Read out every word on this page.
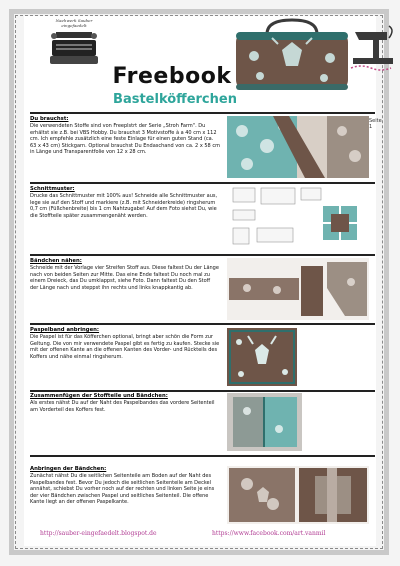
Naehwerk Sauber eingefaedelt
Freebook
Bastelköfferchen
Seite 1
Du brauchst:
Die verwendeten Stoffe sind von Freeplstrt der Serie „Stroh Farm". Du erhältst sie z.B. bei VBS Hobby. Du brauchst 3 Motivstoffe à a 40 cm x 112 cm. Ich empfehle zusätzlich eine feste Einlage für einen guten Stand (ca. 63 x 43 cm) Stickgarn. Optional brauchst Du Endaschand von ca. 2 x 58 cm in Länge und Transparentfolie von 12 x 28 cm.
Schnittmuster:
Drucke das Schnittmuster mit 100% aus! Schneide alle Schnittmuster aus, lege sie auf den Stoff und markiere (z.B. mit Schneiderkreide) ringsherum 0,7 cm (Füßchenbreite) bis 1 cm Nahtzugabe! Auf dem Foto siehst Du, wie die Stoffteile später zusammengenäht werden.
Bändchen nähen:
Schneide mit der Vorlage vier Streifen Stoff aus. Diese faltest Du der Länge nach von beiden Seiten zur Mitte. Das eine Ende faltest Du noch mal zu einem Dreieck, das Du umklappst, siehe Foto. Dann faltest Du den Stoff der Länge nach und steppst ihn rechts und links knappkantig ab.
Paspelband anbringen:
Die Paspel ist für das Köfferchen optional, bringt aber schön die Form zur Geltung. Die von mir verwendete Paspel gibt es fertig zu kaufen. Stecke sie mit der offenen Kante an die offenen Kanten des Vorder- und Rückteils des Koffers und nähe einmal ringsherum.
Zusammenfügen der Stoffteile und Bändchen:
Als erstes nähst Du auf der Naht des Paspelbandes das vordere Seitenteil am Vorderteil des Koffers fest.
Anbringen der Bändchen:
Zunächst nähst Du die seitlichen Seitenteile am Boden auf der Naht des Paspelbandes fest. Bevor Du jedoch die seitlichen Seitenteile am Deckel annähst, schiebst Du vorher noch auf der rechten und linken Seite je eins der vier Bändchen zwischen Paspel und seitliches Seitenteil. Die offene Kante liegt an der offenen Paspelkante.
http://sauber-eingefaedelt.blogspot.de	https://www.facebook.com/art.vanmil
